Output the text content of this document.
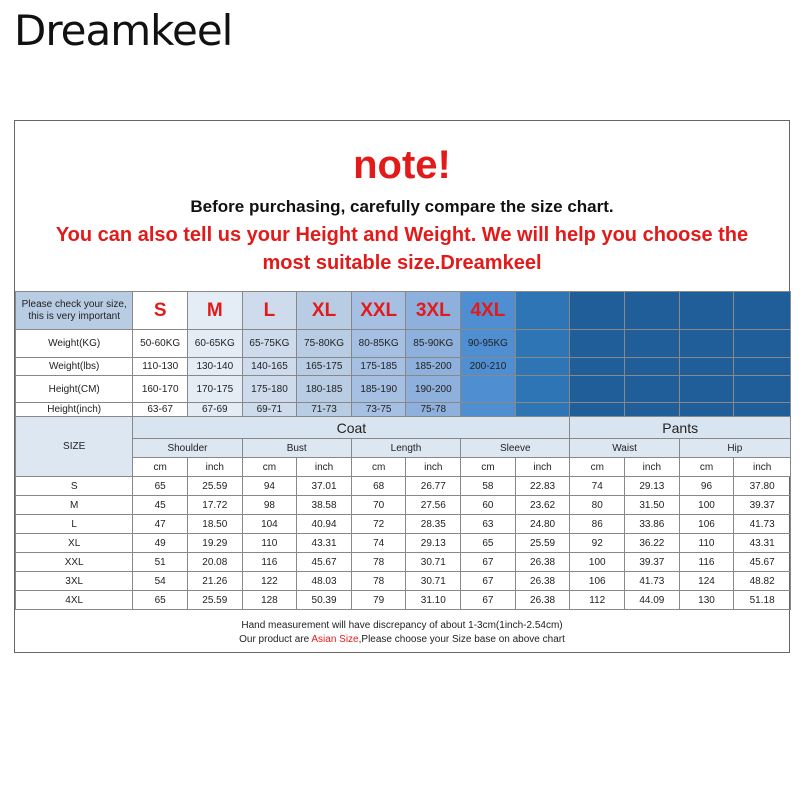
Dreamkeel
note!
Before purchasing, carefully compare the size chart.
You can also tell us your Height and Weight. We will help you choose the
most suitable size.Dreamkeel
Please check your size,
this is very important	S	M	L	XL	XXL	3XL	4XL					
Weight(KG)	50-60KG	60-65KG	65-75KG	75-80KG	80-85KG	85-90KG	90-95KG					
Weight(lbs)	110-130	130-140	140-165	165-175	175-185	185-200	200-210					
Height(CM)	160-170	170-175	175-180	180-185	185-190	190-200						
Height(inch)	63-67	67-69	69-71	71-73	73-75	75-78						
SIZE	Coat								Pants			
	Shoulder		Bust		Length		Sleeve		Waist		Hip	
	cm	inch	cm	inch	cm	inch	cm	inch	cm	inch	cm	inch
S	65	25.59	94	37.01	68	26.77	58	22.83	74	29.13	96	37.80
M	45	17.72	98	38.58	70	27.56	60	23.62	80	31.50	100	39.37
L	47	18.50	104	40.94	72	28.35	63	24.80	86	33.86	106	41.73
XL	49	19.29	110	43.31	74	29.13	65	25.59	92	36.22	110	43.31
XXL	51	20.08	116	45.67	78	30.71	67	26.38	100	39.37	116	45.67
3XL	54	21.26	122	48.03	78	30.71	67	26.38	106	41.73	124	48.82
4XL	65	25.59	128	50.39	79	31.10	67	26.38	112	44.09	130	51.18
Hand measurement will have discrepancy of about 1-3cm(1inch-2.54cm)
Our product are Asian Size,Please choose your Size base on above chart
